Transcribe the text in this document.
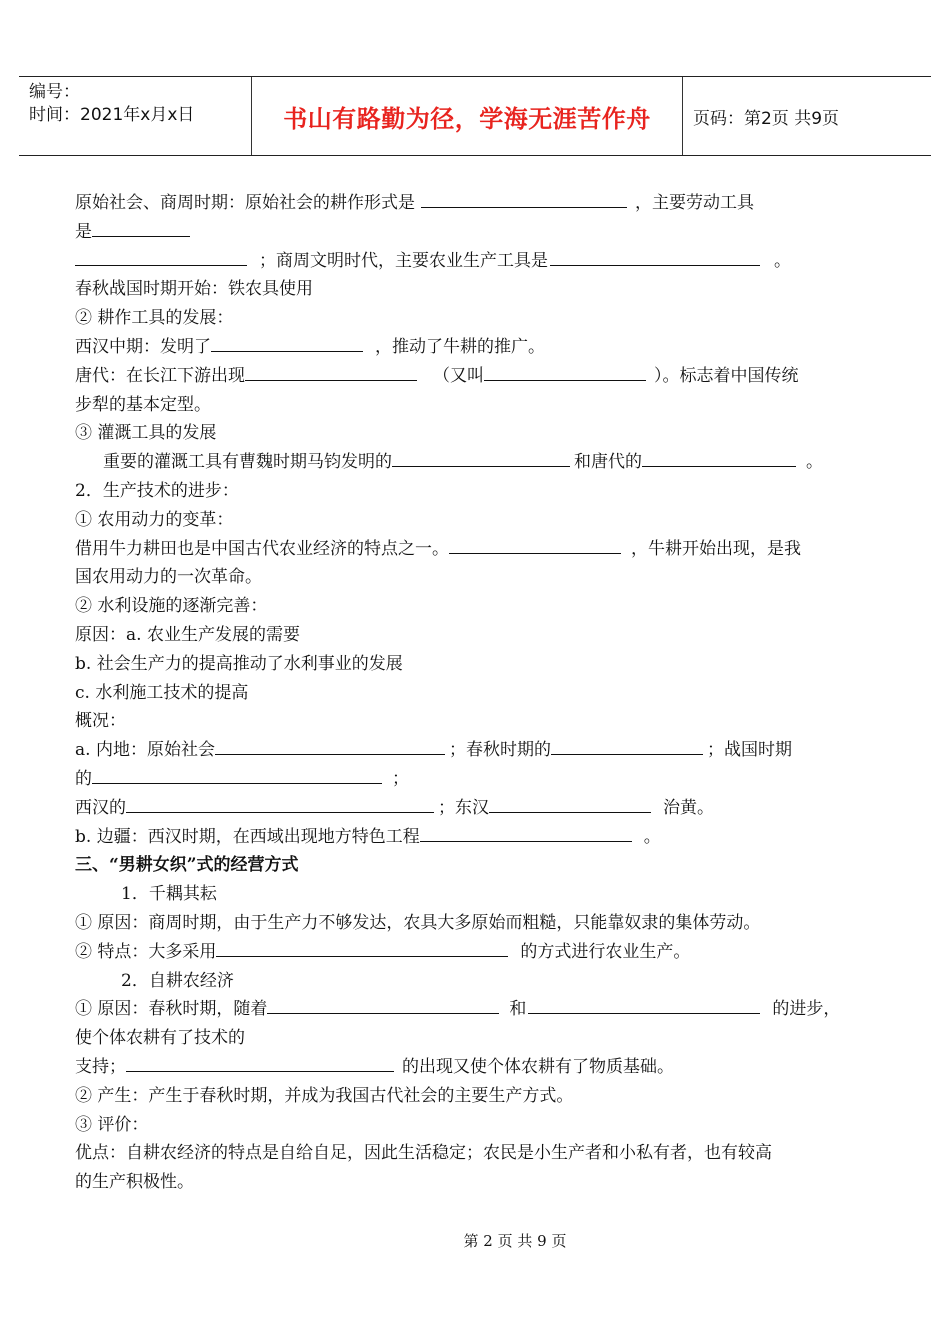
编号：
时间：2021年x月x日	书山有路勤为径，学海无涯苦作舟 页码：第2页 共9页
原始社会、商周时期：原始社会的耕作形式是	，主要劳动工具
是
；商周文明时代，主要农业生产工具是	。
春秋战国时期开始：铁农具使用
② 耕作工具的发展：
西汉中期：发明了	，推动了牛耕的推广。
唐代：在长江下游出现	（又叫	）。标志着中国传统
步犁的基本定型。
③ 灌溉工具的发展
重要的灌溉工具有曹魏时期马钧发明的	和唐代的	。
2．生产技术的进步：
① 农用动力的变革：
借用牛力耕田也是中国古代农业经济的特点之一。	，牛耕开始出现，是我
国农用动力的一次革命。
② 水利设施的逐渐完善：
原因：a. 农业生产发展的需要
b. 社会生产力的提高推动了水利事业的发展
c. 水利施工技术的提高
概况：
a. 内地：原始社会	；春秋时期的	；战国时期
的	；
西汉的	；东汉	治黄。
b. 边疆：西汉时期，在西域出现地方特色工程	。
三、“男耕女织”式的经营方式
1．千耦其耘
① 原因：商周时期，由于生产力不够发达，农具大多原始而粗糙，只能靠奴隶的集体劳动。
② 特点：大多采用	的方式进行农业生产。
2．自耕农经济
① 原因：春秋时期，随着	和	的进步，
使个体农耕有了技术的
支持；	的出现又使个体农耕有了物质基础。
② 产生：产生于春秋时期，并成为我国古代社会的主要生产方式。
③ 评价：
优点：自耕农经济的特点是自给自足，因此生活稳定；农民是小生产者和小私有者，也有较高
的生产积极性。
第 2 页 共 9 页
